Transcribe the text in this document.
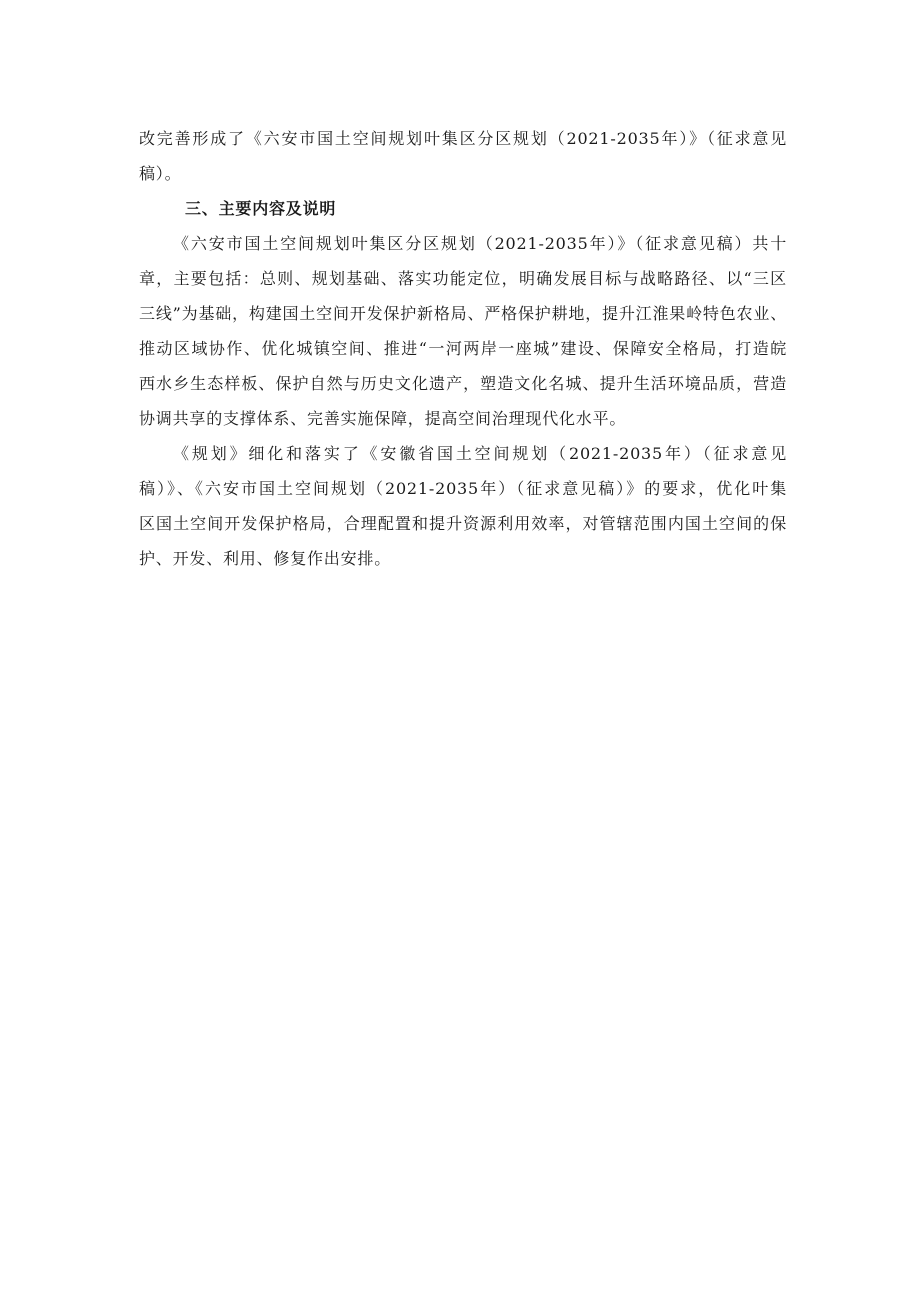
改完善形成了《六安市国土空间规划叶集区分区规划（2021-2035年）》（征求意见
稿）。
三、主要内容及说明
《六安市国土空间规划叶集区分区规划（2021-2035年）》（征求意见稿）共十
章，主要包括：总则、规划基础、落实功能定位，明确发展目标与战略路径、以“三区
三线”为基础，构建国土空间开发保护新格局、严格保护耕地，提升江淮果岭特色农业、
推动区域协作、优化城镇空间、推进“一河两岸一座城”建设、保障安全格局，打造皖
西水乡生态样板、保护自然与历史文化遗产，塑造文化名城、提升生活环境品质，营造
协调共享的支撑体系、完善实施保障，提高空间治理现代化水平。
《规划》细化和落实了《安徽省国土空间规划（2021-2035年）（征求意见
稿）》、《六安市国土空间规划（2021-2035年）（征求意见稿）》的要求，优化叶集
区国土空间开发保护格局，合理配置和提升资源利用效率，对管辖范围内国土空间的保
护、开发、利用、修复作出安排。
